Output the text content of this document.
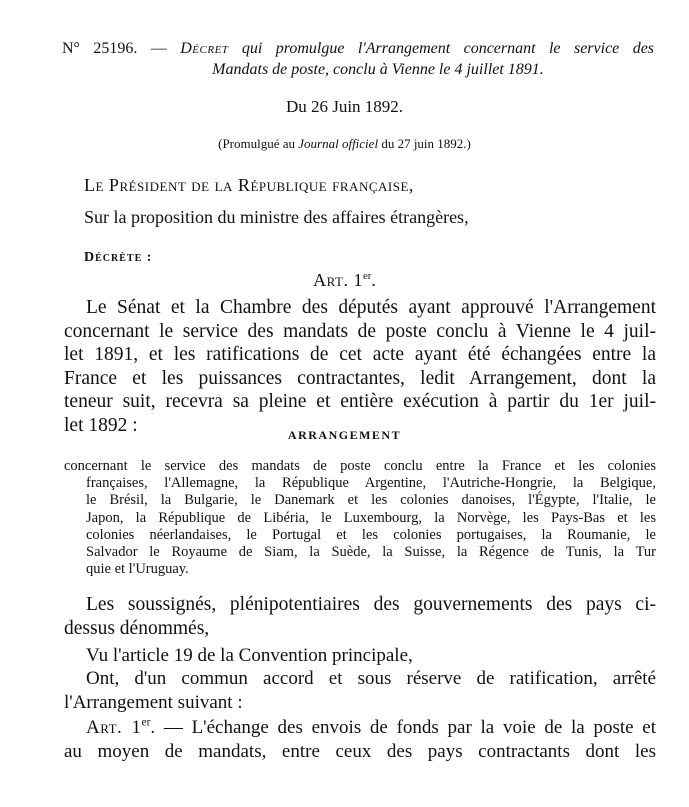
N° 25196. — Décret qui promulgue l'Arrangement concernant le service des
Mandats de poste, conclu à Vienne le 4 juillet 1891.

Du 26 Juin 1892.

(Promulgué au Journal officiel du 27 juin 1892.)

Le Président de la République française,

Sur la proposition du ministre des affaires étrangères,

Décrète :

Art. 1er.

Le Sénat et la Chambre des députés ayant approuvé l'Arrangement
concernant le service des mandats de poste conclu à Vienne le 4 juil-
let 1891, et les ratifications de cet acte ayant été échangées entre la
France et les puissances contractantes, ledit Arrangement, dont la
teneur suit, recevra sa pleine et entière exécution à partir du 1er juil-
let 1892 :	ARRANGEMENT

concernant le service des mandats de poste conclu entre la France et les colonies
françaises, l'Allemagne, la République Argentine, l'Autriche-Hongrie, la Belgique,
le Brésil, la Bulgarie, le Danemark et les colonies danoises, l'Égypte, l'Italie, le
Japon, la République de Libéria, le Luxembourg, la Norvège, les Pays-Bas et les
colonies néerlandaises, le Portugal et les colonies portugaises, la Roumanie, le
Salvador le Royaume de Siam, la Suède, la Suisse, la Régence de Tunis, la Tur
quie et l'Uruguay.
Les soussignés, plénipotentiaires des gouvernements des pays ci-
dessus dénommés,

Vu l'article 19 de la Convention principale,

Ont, d'un commun accord et sous réserve de ratification, arrêté
l'Arrangement suivant :
Art. 1er. — L'échange des envois de fonds par la voie de la poste et
au moyen de mandats, entre ceux des pays contractants dont les
